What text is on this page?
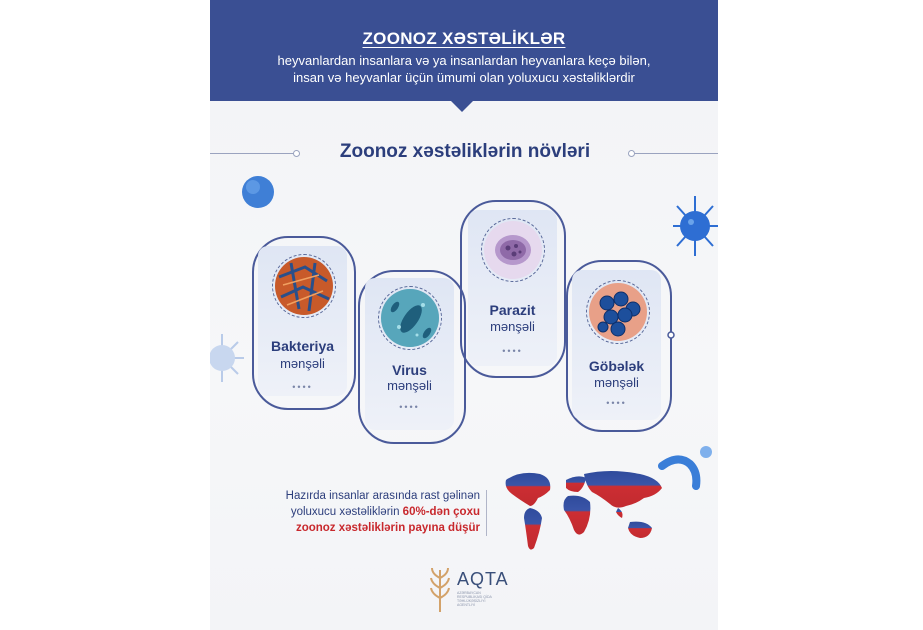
ZOONOZ XƏSTƏLİKLƏR
heyvanlardan insanlara və ya insanlardan heyvanlara keçə bilən,
insan və heyvanlar üçün ümumi olan yoluxucu xəstəliklərdir
Zoonoz xəstəliklərin növləri
Bakteriya
mənşəli
••••
Virus
mənşəli
••••
Parazit
mənşəli
••••
Göbələk
mənşəli
••••
Hazırda insanlar arasında rast gəlinən
yoluxucu xəstəliklərin 60%-dən çoxu
zoonoz xəstəliklərin payına düşür
AQTA
AZƏRBAYCAN RESPUBLİKASI QİDA TƏHLÜKƏSİZLİYİ AGENTLİYİ
